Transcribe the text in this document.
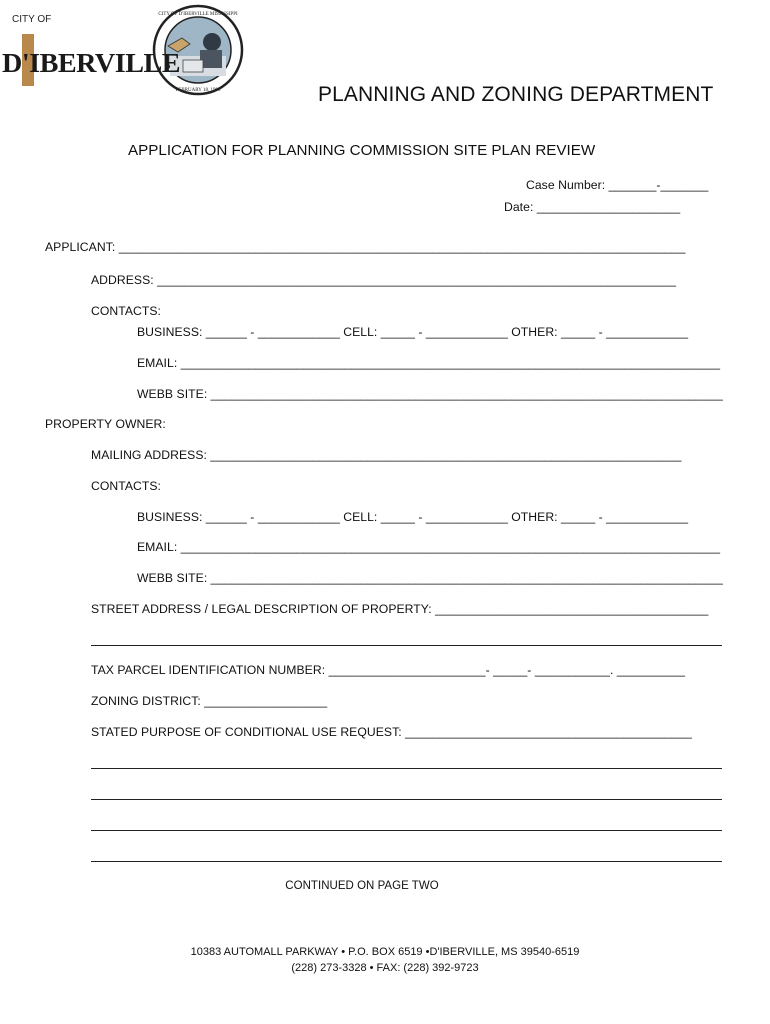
CITY OF D'IBERVILLE MISSISSIPPI
FEBRUARY 18, 1988
CITY OF
D'IBERVILLE
PLANNING AND ZONING DEPARTMENT
APPLICATION FOR PLANNING COMMISSION SITE PLAN REVIEW
Case Number: _______-_______
Date: _____________________
APPLICANT: ___________________________________________________________________________________
ADDRESS: ____________________________________________________________________________
CONTACTS:
BUSINESS: ______ - ____________ CELL: _____ - ____________ OTHER: _____ - ____________
EMAIL: _______________________________________________________________________________
WEBB SITE: ___________________________________________________________________________
PROPERTY OWNER:
MAILING ADDRESS: _____________________________________________________________________
CONTACTS:
BUSINESS: ______ - ____________ CELL: _____ - ____________ OTHER: _____ - ____________
EMAIL: _______________________________________________________________________________
WEBB SITE: ___________________________________________________________________________
STREET ADDRESS / LEGAL DESCRIPTION OF PROPERTY: ________________________________________
TAX PARCEL IDENTIFICATION NUMBER: _______________________- _____- ___________. __________
ZONING DISTRICT: __________________
STATED PURPOSE OF CONDITIONAL USE REQUEST: __________________________________________
CONTINUED ON PAGE TWO
10383 AUTOMALL PARKWAY • P.O. BOX 6519 •D'IBERVILLE, MS 39540-6519
(228) 273-3328 • FAX: (228) 392-9723
